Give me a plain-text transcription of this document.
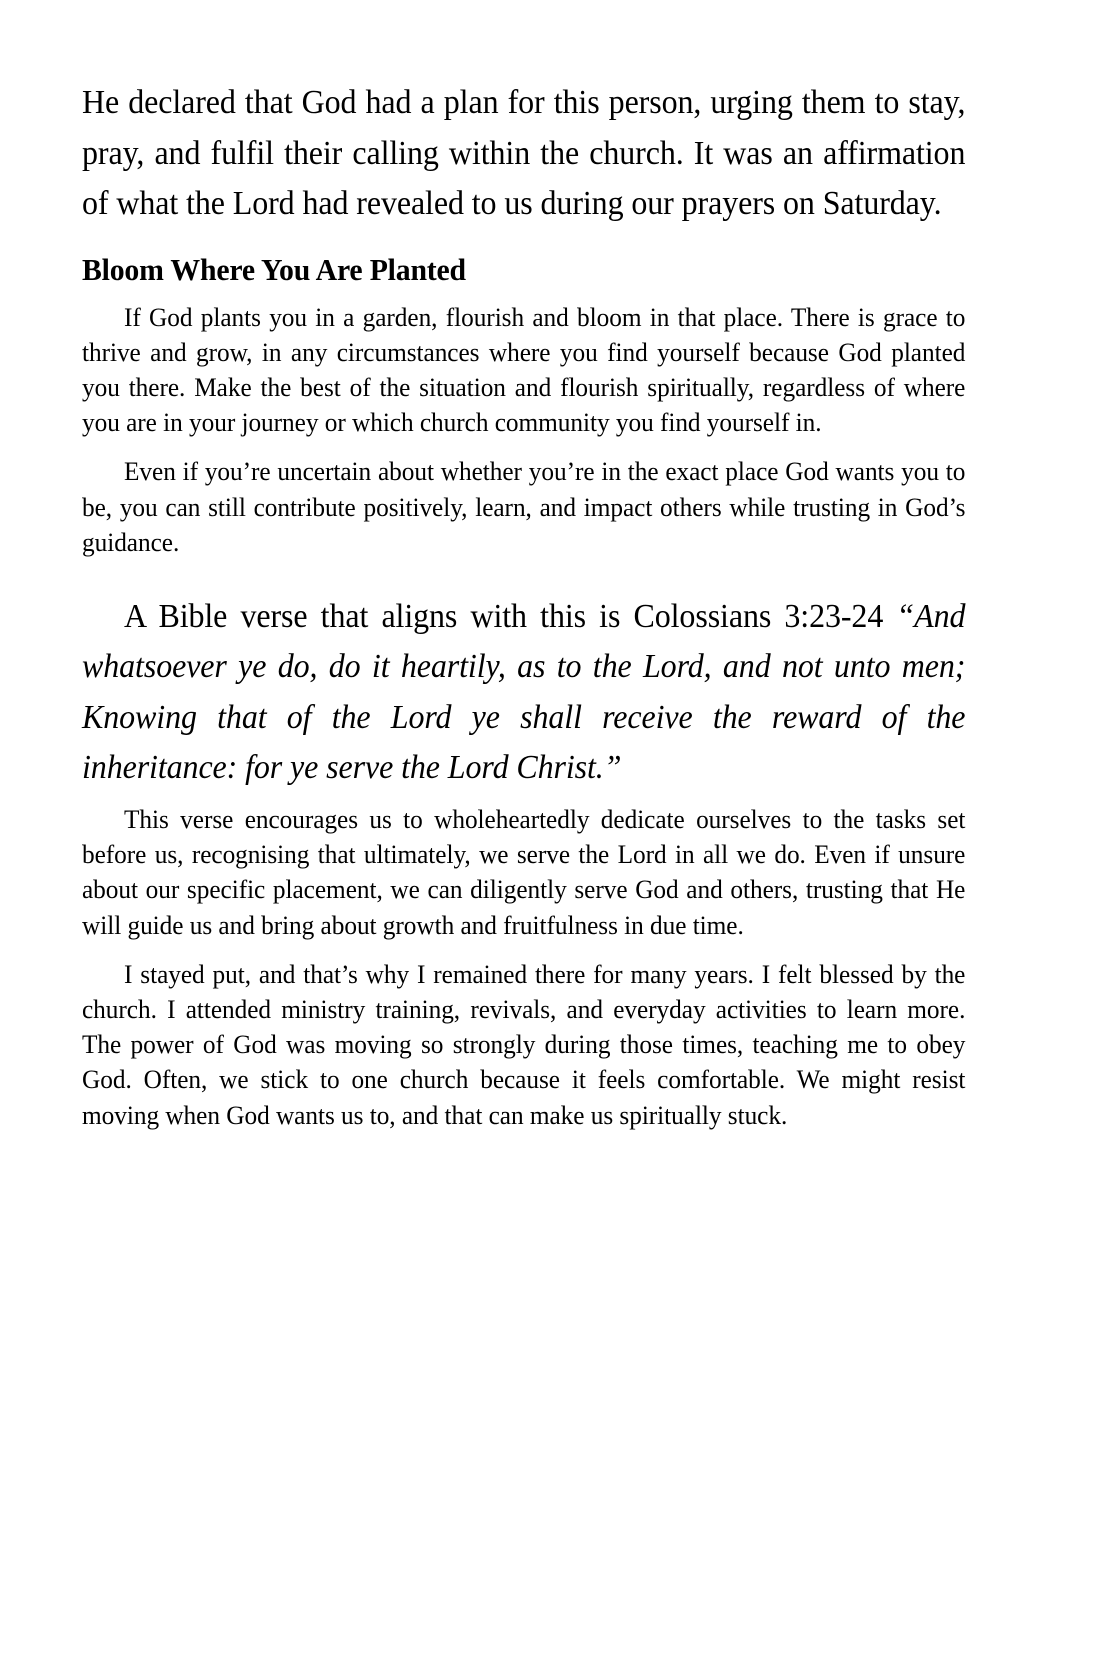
He declared that God had a plan for this person, urging them to stay, pray, and fulfil their calling within the church. It was an affirmation of what the Lord had revealed to us during our prayers on Saturday.

Bloom Where You Are Planted

If God plants you in a garden, flourish and bloom in that place. There is grace to thrive and grow, in any circumstances where you find yourself because God planted you there. Make the best of the situation and flourish spiritually, regardless of where you are in your journey or which church community you find yourself in.

Even if you’re uncertain about whether you’re in the exact place God wants you to be, you can still contribute positively, learn, and impact others while trusting in God’s guidance.

A Bible verse that aligns with this is Colossians 3:23-24 “And whatsoever ye do, do it heartily, as to the Lord, and not unto men; Knowing that of the Lord ye shall receive the reward of the inheritance: for ye serve the Lord Christ.”

This verse encourages us to wholeheartedly dedicate ourselves to the tasks set before us, recognising that ultimately, we serve the Lord in all we do. Even if unsure about our specific placement, we can diligently serve God and others, trusting that He will guide us and bring about growth and fruitfulness in due time.

I stayed put, and that’s why I remained there for many years. I felt blessed by the church. I attended ministry training, revivals, and everyday activities to learn more. The power of God was moving so strongly during those times, teaching me to obey God. Often, we stick to one church because it feels comfortable. We might resist moving when God wants us to, and that can make us spiritually stuck.
